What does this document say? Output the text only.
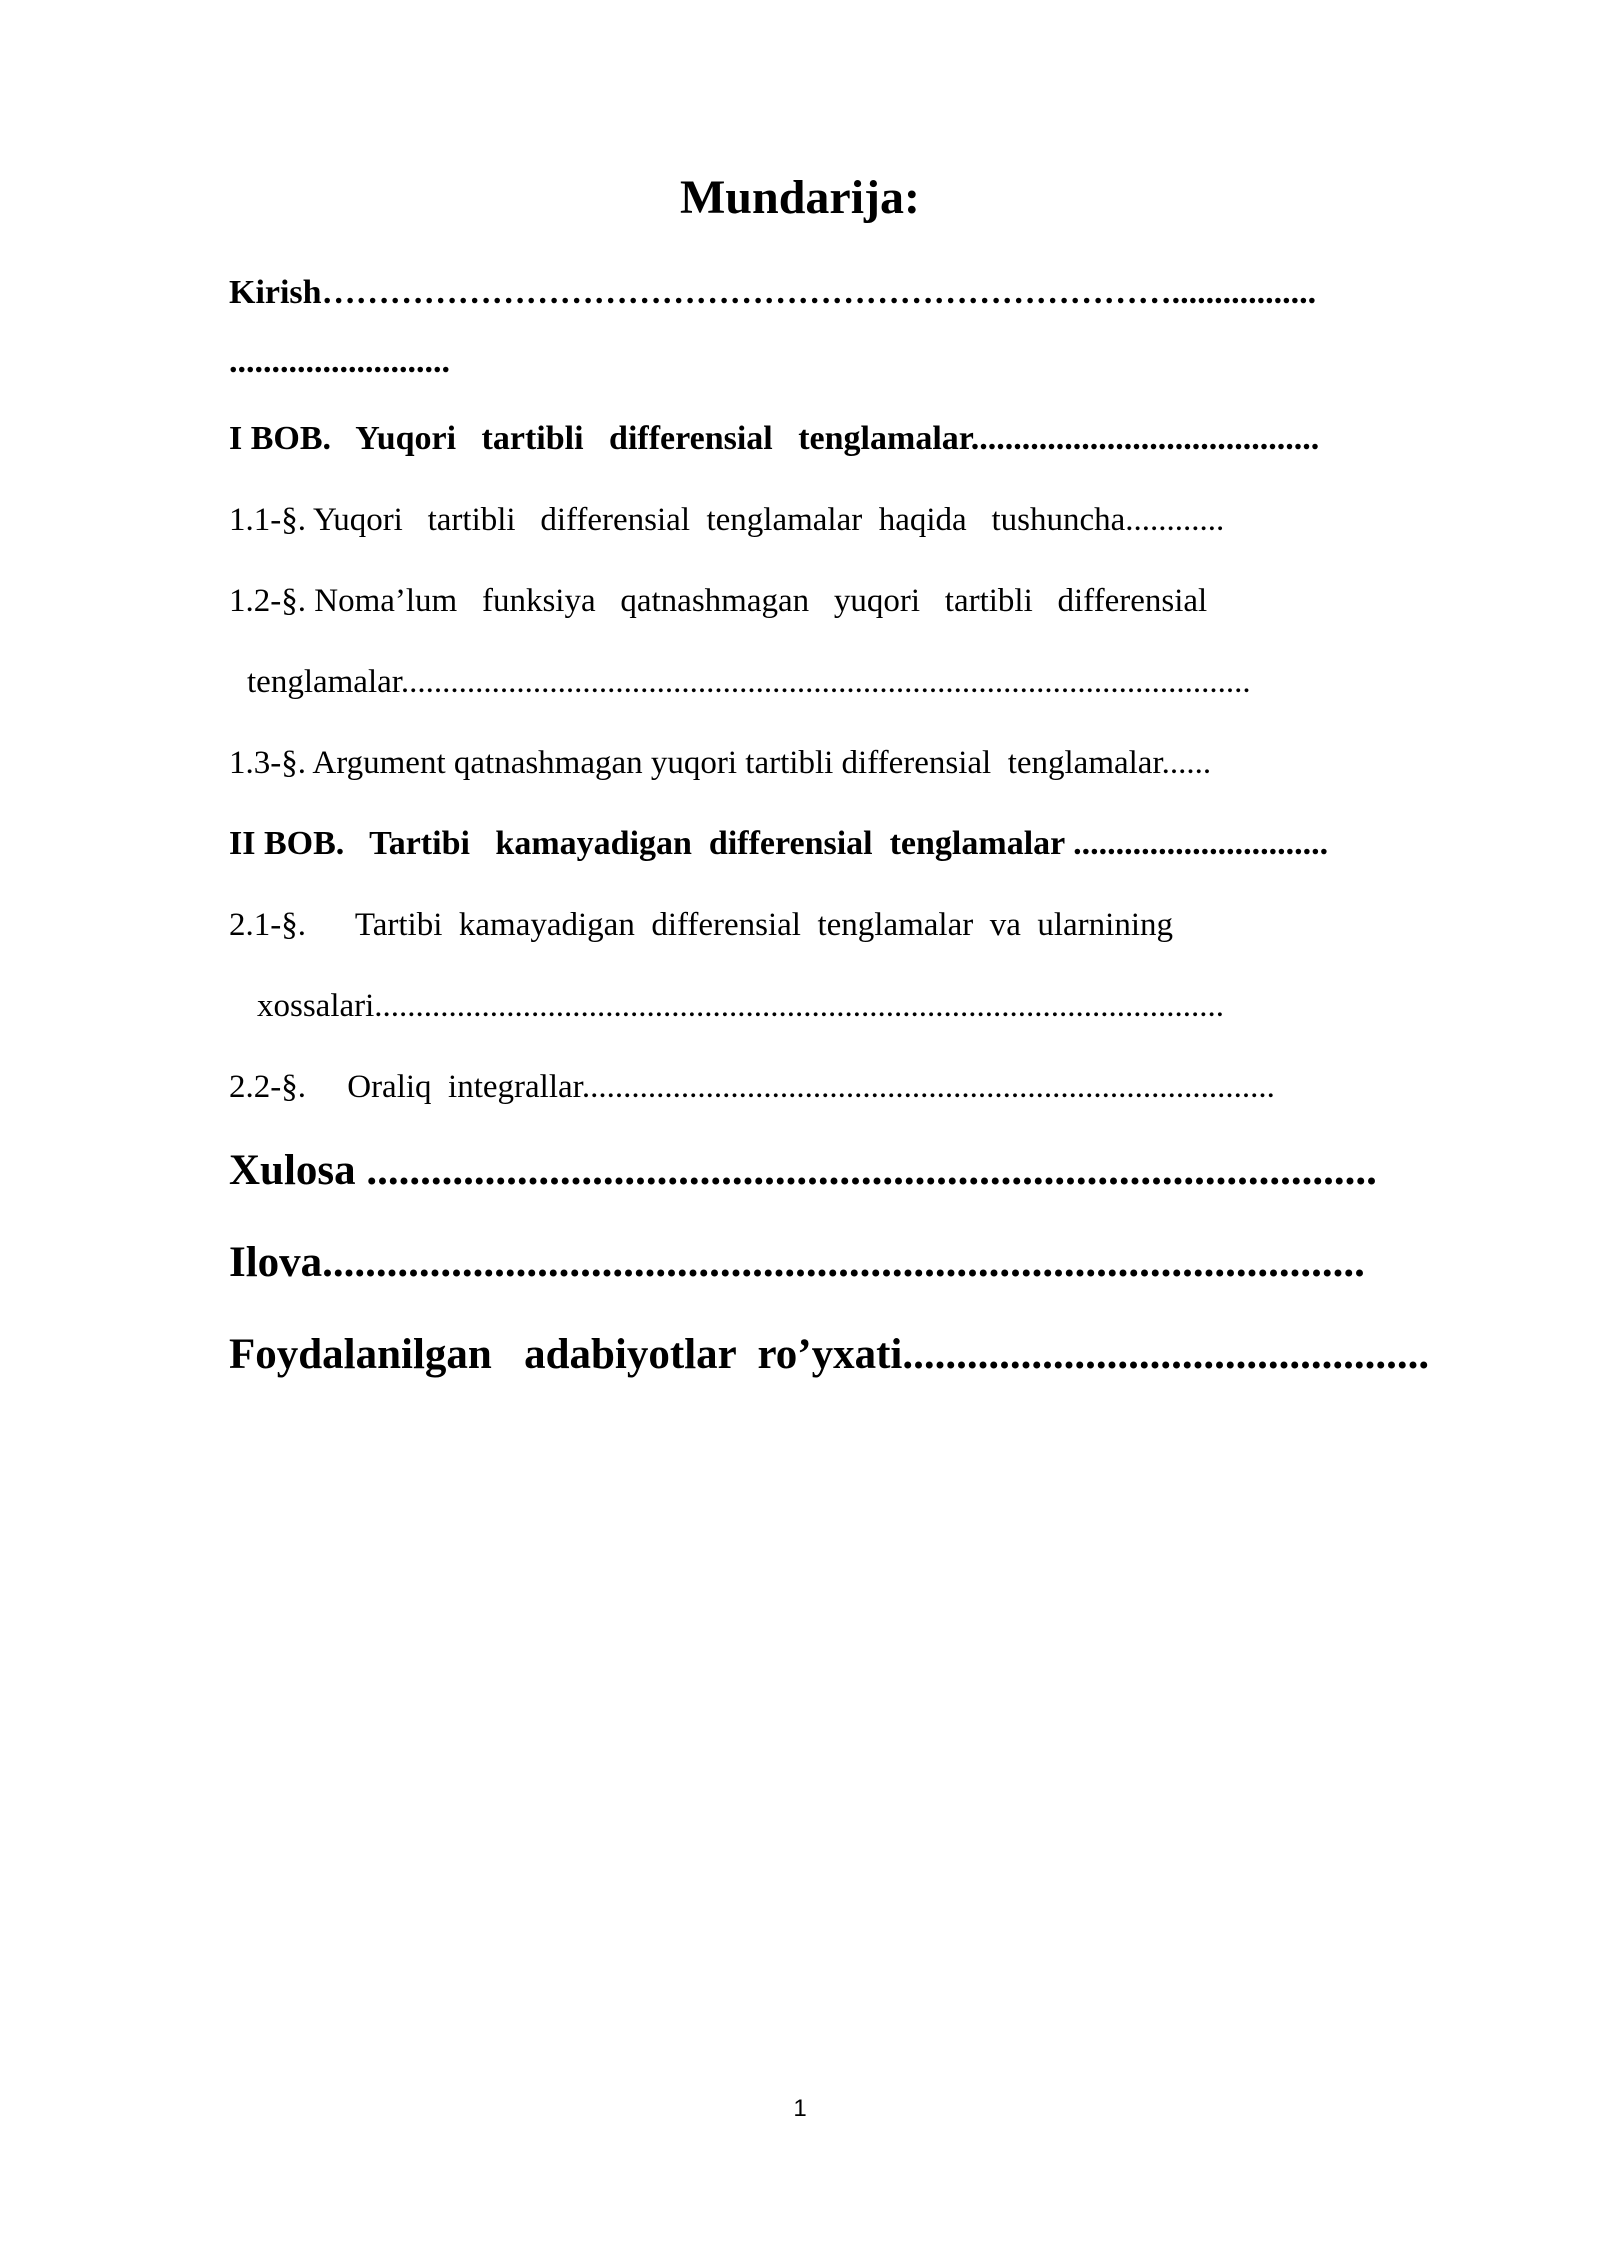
Mundarija:
Kirish………………………………………………………………….................
..........................
I BOB.   Yuqori   tartibli   differensial   tenglamalar.........................................
1.1-§. Yuqori   tartibli   differensial  tenglamalar  haqida   tushuncha............
1.2-§. Noma’lum   funksiya   qatnashmagan   yuqori   tartibli   differensial
tenglamalar.......................................................................................................
1.3-§. Argument qatnashmagan yuqori tartibli differensial  tenglamalar......
II BOB.   Tartibi   kamayadigan  differensial  tenglamalar ..............................
2.1-§.      Tartibi  kamayadigan  differensial  tenglamalar  va  ularnining
xossalari.......................................................................................................
2.2-§.     Oraliq  integrallar....................................................................................
Xulosa ..............................................................................................
Ilova.................................................................................................
Foydalanilgan   adabiyotlar  ro’yxati.................................................
1
